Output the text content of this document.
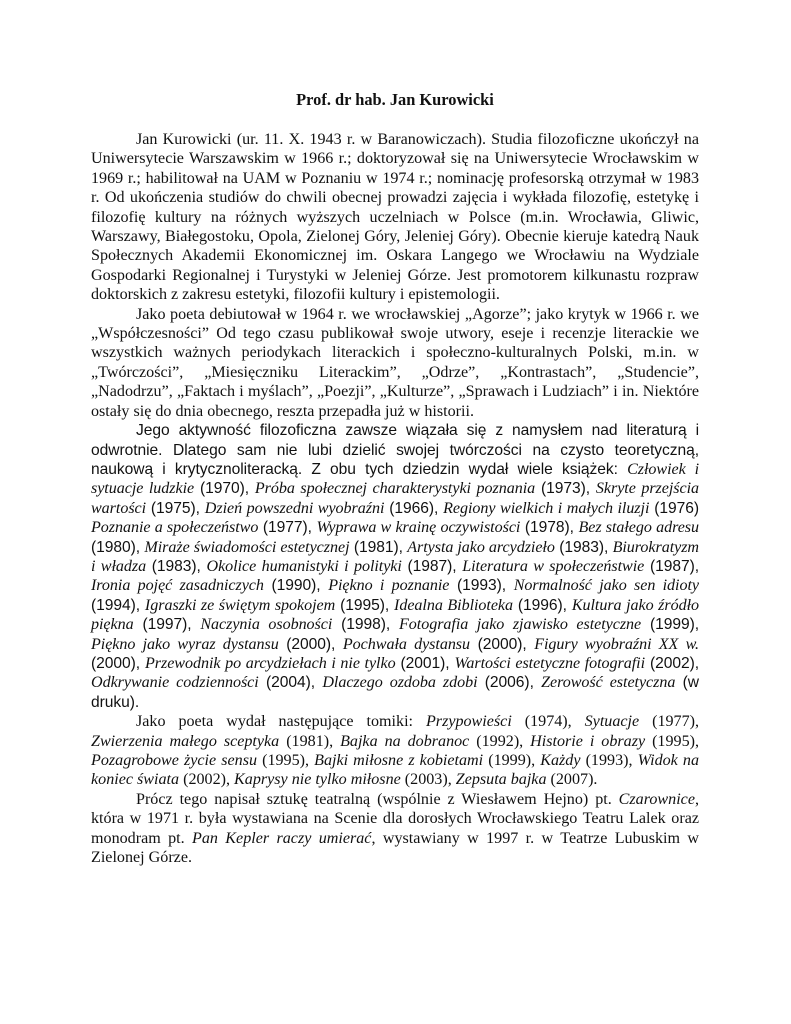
Prof. dr hab. Jan Kurowicki

Jan Kurowicki (ur. 11. X. 1943 r. w Baranowiczach). Studia filozoficzne ukończył na Uniwersytecie Warszawskim w 1966 r.; doktoryzował się na Uniwersytecie Wrocławskim w 1969 r.; habilitował na UAM w Poznaniu w 1974 r.; nominację profesorską otrzymał w 1983 r. Od ukończenia studiów do chwili obecnej prowadzi zajęcia i wykłada filozofię, estetykę i filozofię kultury na różnych wyższych uczelniach w Polsce (m.in. Wrocławia, Gliwic, Warszawy, Białegostoku, Opola, Zielonej Góry, Jeleniej Góry). Obecnie kieruje katedrą Nauk Społecznych Akademii Ekonomicznej im. Oskara Langego we Wrocławiu na Wydziale Gospodarki Regionalnej i Turystyki w Jeleniej Górze. Jest promotorem kilkunastu rozpraw doktorskich z zakresu estetyki, filozofii kultury i epistemologii.

Jako poeta debiutował w 1964 r. we wrocławskiej „Agorze”; jako krytyk w 1966 r. we „Współczesności” Od tego czasu publikował swoje utwory, eseje i recenzje literackie we wszystkich ważnych periodykach literackich i społeczno-kulturalnych Polski, m.in. w „Twórczości”, „Miesięczniku Literackim”, „Odrze”, „Kontrastach”, „Studencie”, „Nadodrzu”, „Faktach i myślach”, „Poezji”, „Kulturze”, „Sprawach i Ludziach” i in. Niektóre ostały się do dnia obecnego, reszta przepadła już w historii.

Jego aktywność filozoficzna zawsze wiązała się z namysłem nad literaturą i odwrotnie. Dlatego sam nie lubi dzielić swojej twórczości na czysto teoretyczną, naukową i krytycznoliteracką. Z obu tych dziedzin wydał wiele książek: Człowiek i sytuacje ludzkie (1970), Próba społecznej charakterystyki poznania (1973), Skryte przejścia wartości (1975), Dzień powszedni wyobraźni (1966), Regiony wielkich i małych iluzji (1976) Poznanie a społeczeństwo (1977), Wyprawa w krainę oczywistości (1978), Bez stałego adresu (1980), Miraże świadomości estetycznej (1981), Artysta jako arcydzieło (1983), Biurokratyzm i władza (1983), Okolice humanistyki i polityki (1987), Literatura w społeczeństwie (1987), Ironia pojęć zasadniczych (1990), Piękno i poznanie (1993), Normalność jako sen idioty (1994), Igraszki ze świętym spokojem (1995), Idealna Biblioteka (1996), Kultura jako źródło piękna (1997), Naczynia osobności (1998), Fotografia jako zjawisko estetyczne (1999), Piękno jako wyraz dystansu (2000), Pochwała dystansu (2000), Figury wyobraźni XX w. (2000), Przewodnik po arcydziełach i nie tylko (2001), Wartości estetyczne fotografii (2002), Odkrywanie codzienności (2004), Dlaczego ozdoba zdobi (2006), Zerowość estetyczna (w druku).

Jako poeta wydał następujące tomiki: Przypowieści (1974), Sytuacje (1977), Zwierzenia małego sceptyka (1981), Bajka na dobranoc (1992), Historie i obrazy (1995), Pozagrobowe życie sensu (1995), Bajki miłosne z kobietami (1999), Każdy (1993), Widok na koniec świata (2002), Kaprysy nie tylko miłosne (2003), Zepsuta bajka (2007).

Prócz tego napisał sztukę teatralną (wspólnie z Wiesławem Hejno) pt. Czarownice, która w 1971 r. była wystawiana na Scenie dla dorosłych Wrocławskiego Teatru Lalek oraz monodram pt. Pan Kepler raczy umierać, wystawiany w 1997 r. w Teatrze Lubuskim w Zielonej Górze.
